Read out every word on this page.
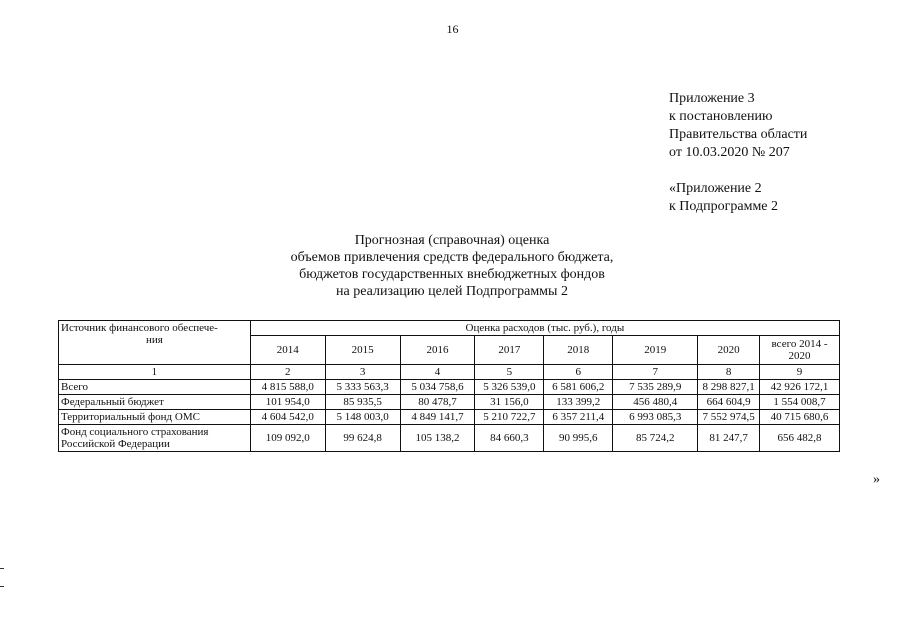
16
Приложение 3
к постановлению
Правительства области
от 10.03.2020 № 207
«Приложение 2
к Подпрограмме 2
Прогнозная (справочная) оценка
объемов привлечения средств федерального бюджета,
бюджетов государственных внебюджетных фондов
на реализацию целей Подпрограммы 2
Источник финансового обеспече-
ния	Оценка расходов (тыс. руб.), годы							
	2014	2015	2016	2017	2018	2019	2020	всего 2014 -
2020

1	2	3	4	5	6	7	8	9
Всего	4 815 588,0	5 333 563,3	5 034 758,6	5 326 539,0	6 581 606,2	7 535 289,9	8 298 827,1	42 926 172,1
Федеральный бюджет	101 954,0	85 935,5	80 478,7	31 156,0	133 399,2	456 480,4	664 604,9	1 554 008,7
Территориальный фонд ОМС	4 604 542,0	5 148 003,0	4 849 141,7	5 210 722,7	6 357 211,4	6 993 085,3	7 552 974,5	40 715 680,6

Фонд социального страхования
Российской Федерации	109 092,0	99 624,8	105 138,2	84 660,3	90 995,6	85 724,2	81 247,7	656 482,8
»
